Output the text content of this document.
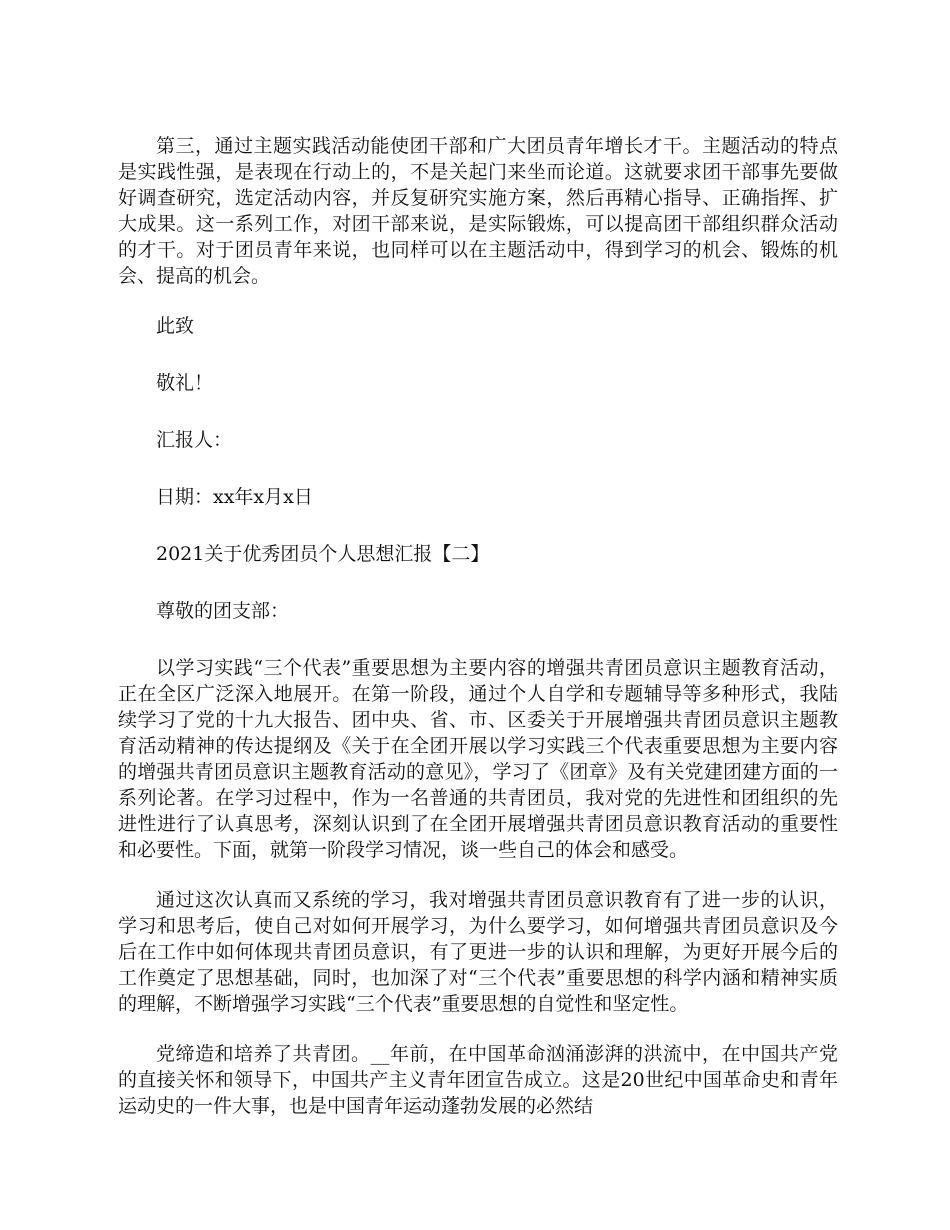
第三，通过主题实践活动能使团干部和广大团员青年增长才干。主题活动的特点是实践性强，是表现在行动上的，不是关起门来坐而论道。这就要求团干部事先要做好调查研究，选定活动内容，并反复研究实施方案，然后再精心指导、正确指挥、扩大成果。这一系列工作，对团干部来说，是实际锻炼，可以提高团干部组织群众活动的才干。对于团员青年来说，也同样可以在主题活动中，得到学习的机会、锻炼的机会、提高的机会。

此致

敬礼！

汇报人：

日期：xx年x月x日

2021关于优秀团员个人思想汇报【二】

尊敬的团支部：

以学习实践“三个代表”重要思想为主要内容的增强共青团员意识主题教育活动，正在全区广泛深入地展开。在第一阶段，通过个人自学和专题辅导等多种形式，我陆续学习了党的十九大报告、团中央、省、市、区委关于开展增强共青团员意识主题教育活动精神的传达提纲及《关于在全团开展以学习实践三个代表重要思想为主要内容的增强共青团员意识主题教育活动的意见》，学习了《团章》及有关党建团建方面的一系列论著。在学习过程中，作为一名普通的共青团员，我对党的先进性和团组织的先进性进行了认真思考，深刻认识到了在全团开展增强共青团员意识教育活动的重要性和必要性。下面，就第一阶段学习情况，谈一些自己的体会和感受。

通过这次认真而又系统的学习，我对增强共青团员意识教育有了进一步的认识，学习和思考后，使自己对如何开展学习，为什么要学习，如何增强共青团员意识及今后在工作中如何体现共青团员意识，有了更进一步的认识和理解，为更好开展今后的工作奠定了思想基础，同时，也加深了对“三个代表”重要思想的科学内涵和精神实质的理解，不断增强学习实践“三个代表”重要思想的自觉性和坚定性。

党缔造和培养了共青团。__年前，在中国革命汹涌澎湃的洪流中，在中国共产党的直接关怀和领导下，中国共产主义青年团宣告成立。这是20世纪中国革命史和青年运动史的一件大事，也是中国青年运动蓬勃发展的必然结
